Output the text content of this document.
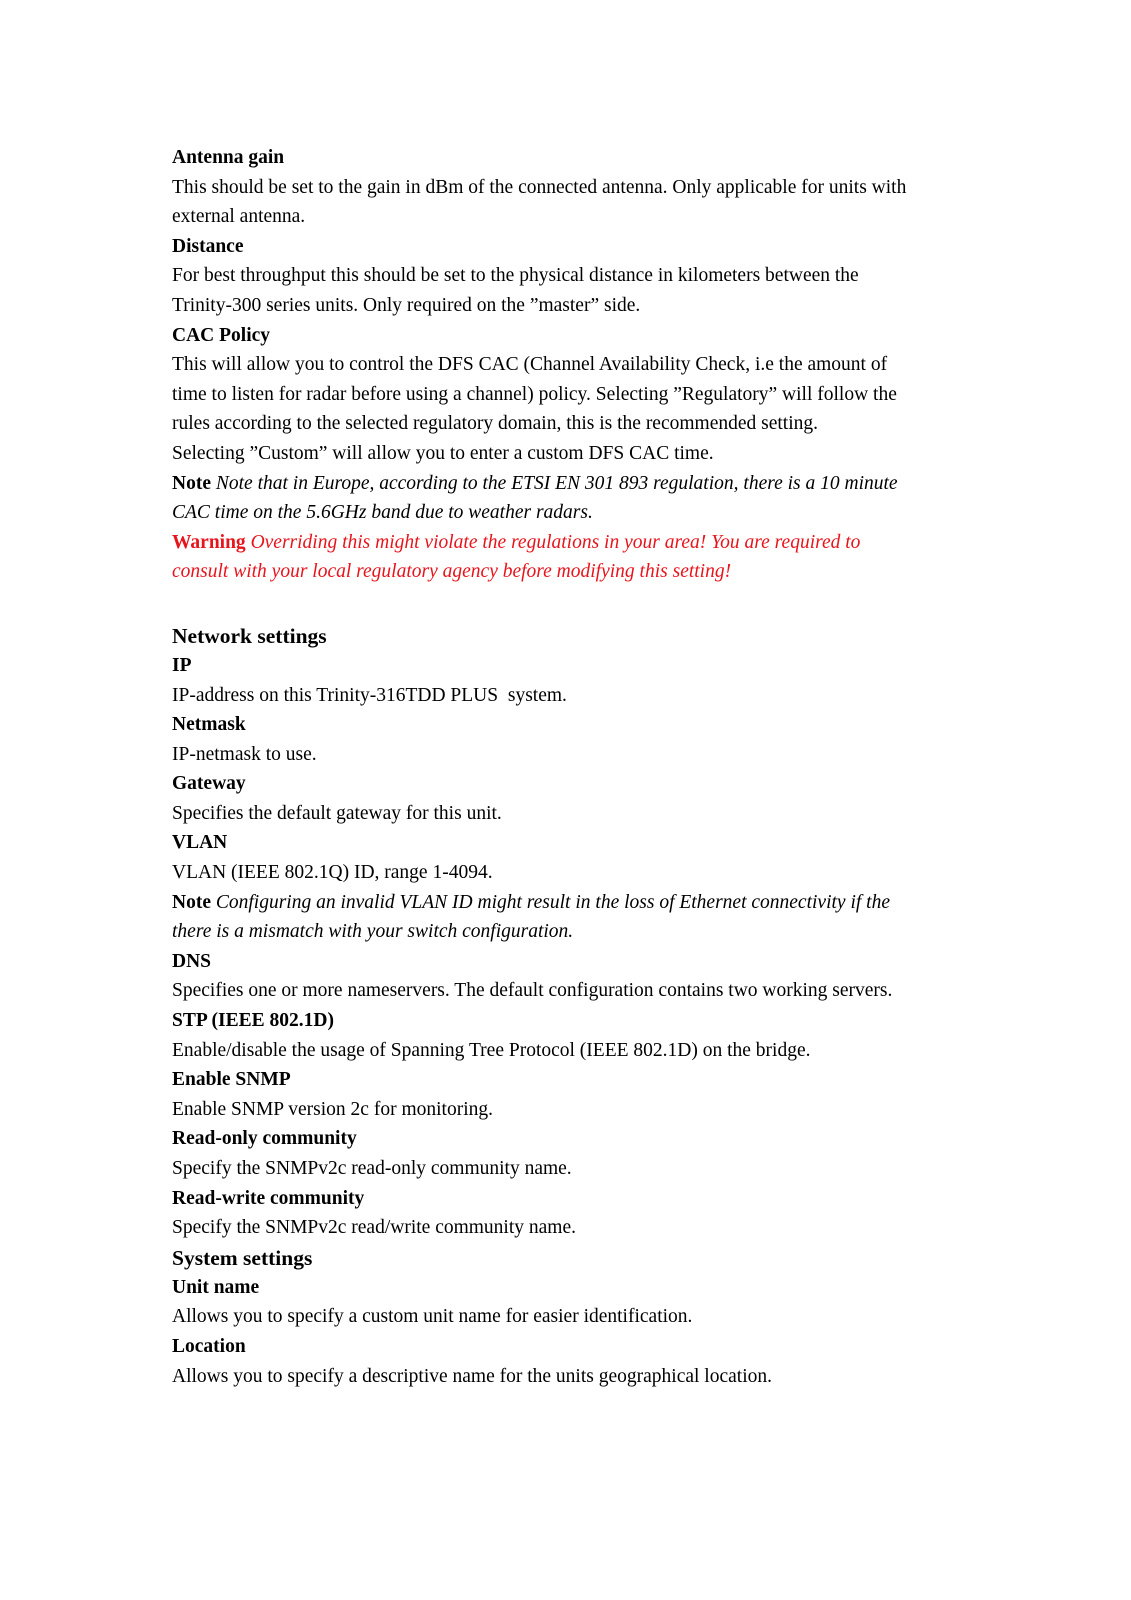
Antenna gain
This should be set to the gain in dBm of the connected antenna. Only applicable for units with
external antenna.
Distance
For best throughput this should be set to the physical distance in kilometers between the
Trinity-300 series units. Only required on the ”master” side.
CAC Policy
This will allow you to control the DFS CAC (Channel Availability Check, i.e the amount of
time to listen for radar before using a channel) policy. Selecting ”Regulatory” will follow the
rules according to the selected regulatory domain, this is the recommended setting.
Selecting ”Custom” will allow you to enter a custom DFS CAC time.
Note Note that in Europe, according to the ETSI EN 301 893 regulation, there is a 10 minute
CAC time on the 5.6GHz band due to weather radars.
Warning Overriding this might violate the regulations in your area! You are required to
consult with your local regulatory agency before modifying this setting!
Network settings
IP
IP-address on this Trinity-316TDD PLUS  system.
Netmask
IP-netmask to use.
Gateway
Specifies the default gateway for this unit.
VLAN
VLAN (IEEE 802.1Q) ID, range 1-4094.
Note Configuring an invalid VLAN ID might result in the loss of Ethernet connectivity if the
there is a mismatch with your switch configuration.
DNS
Specifies one or more nameservers. The default configuration contains two working servers.
STP (IEEE 802.1D)
Enable/disable the usage of Spanning Tree Protocol (IEEE 802.1D) on the bridge.
Enable SNMP
Enable SNMP version 2c for monitoring.
Read-only community
Specify the SNMPv2c read-only community name.
Read-write community
Specify the SNMPv2c read/write community name.
System settings
Unit name
Allows you to specify a custom unit name for easier identification.
Location
Allows you to specify a descriptive name for the units geographical location.
